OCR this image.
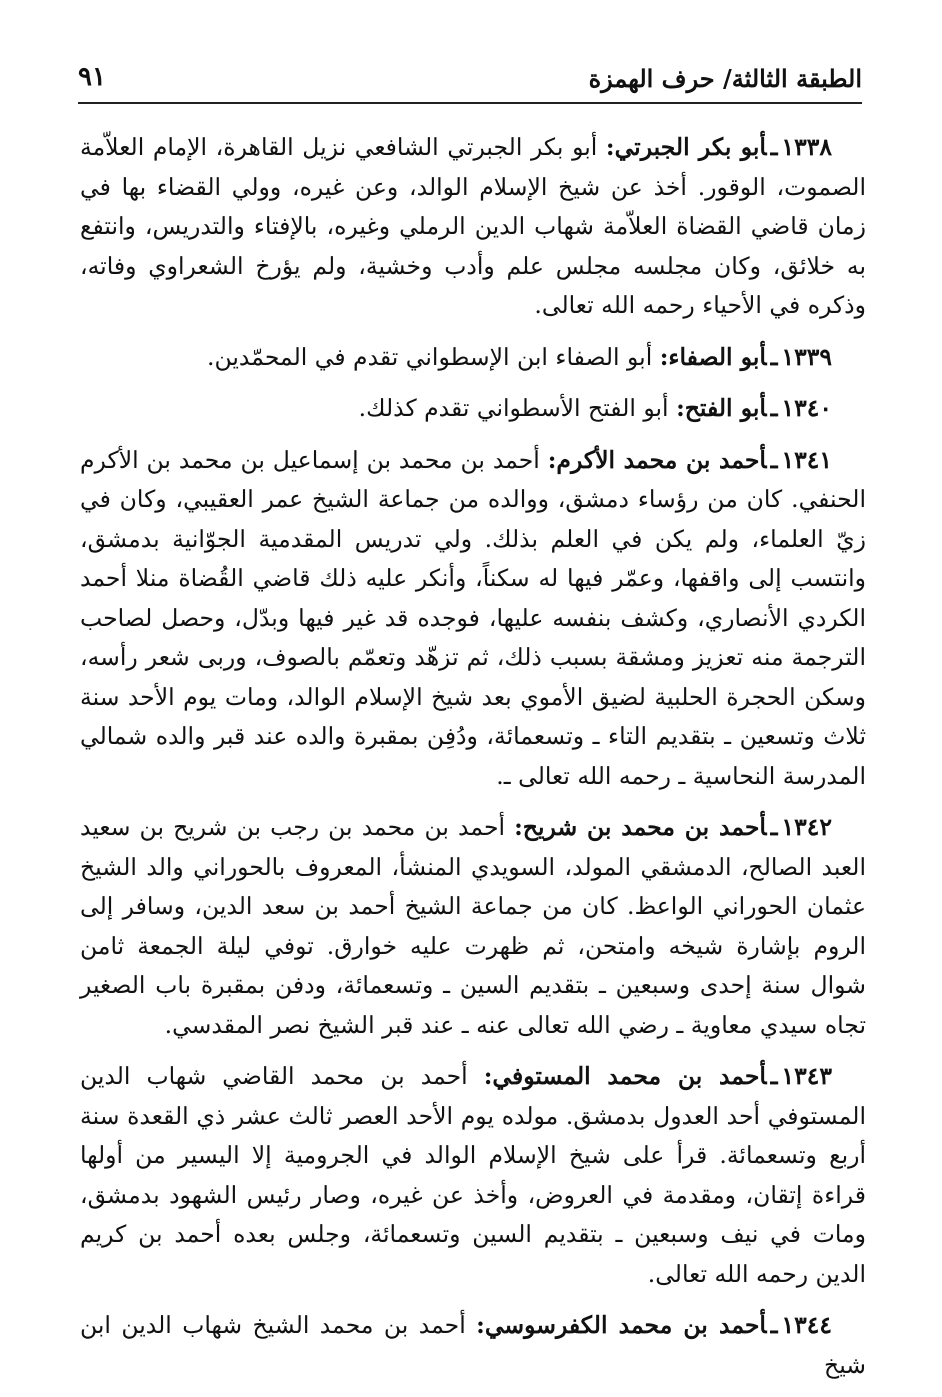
الطبقة الثالثة/ حرف الهمزة
٩١

١٣٣٨ـأبو بكر الجبرتي: أبو بكر الجبرتي الشافعي نزيل القاهرة، الإمام العلاّمة الصموت، الوقور. أخذ عن شيخ الإسلام الوالد، وعن غيره، وولي القضاء بها في زمان قاضي القضاة العلاّمة شهاب الدين الرملي وغيره، بالإفتاء والتدريس، وانتفع به خلائق، وكان مجلسه مجلس علم وأدب وخشية، ولم يؤرخ الشعراوي وفاته، وذكره في الأحياء رحمه الله تعالى.

١٣٣٩ـأبو الصفاء: أبو الصفاء ابن الإسطواني تقدم في المحمّدين.

١٣٤٠ـأبو الفتح: أبو الفتح الأسطواني تقدم كذلك.

١٣٤١ـأحمد بن محمد الأكرم: أحمد بن محمد بن إسماعيل بن محمد بن الأكرم الحنفي. كان من رؤساء دمشق، ووالده من جماعة الشيخ عمر العقيبي، وكان في زيّ العلماء، ولم يكن في العلم بذلك. ولي تدريس المقدمية الجوّانية بدمشق، وانتسب إلى واقفها، وعمّر فيها له سكناً، وأنكر عليه ذلك قاضي القُضاة منلا أحمد الكردي الأنصاري، وكشف بنفسه عليها، فوجده قد غير فيها وبدّل، وحصل لصاحب الترجمة منه تعزيز ومشقة بسبب ذلك، ثم تزهّد وتعمّم بالصوف، وربى شعر رأسه، وسكن الحجرة الحلبية لضيق الأموي بعد شيخ الإسلام الوالد، ومات يوم الأحد سنة ثلاث وتسعين ـ بتقديم التاء ـ وتسعمائة، ودُفِن بمقبرة والده عند قبر والده شمالي المدرسة النحاسية ـ رحمه الله تعالى ـ.

١٣٤٢ـأحمد بن محمد بن شريح: أحمد بن محمد بن رجب بن شريح بن سعيد العبد الصالح، الدمشقي المولد، السويدي المنشأ، المعروف بالحوراني والد الشيخ عثمان الحوراني الواعظ. كان من جماعة الشيخ أحمد بن سعد الدين، وسافر إلى الروم بإشارة شيخه وامتحن، ثم ظهرت عليه خوارق. توفي ليلة الجمعة ثامن شوال سنة إحدى وسبعين ـ بتقديم السين ـ وتسعمائة، ودفن بمقبرة باب الصغير تجاه سيدي معاوية ـ رضي الله تعالى عنه ـ عند قبر الشيخ نصر المقدسي.

١٣٤٣ـأحمد بن محمد المستوفي: أحمد بن محمد القاضي شهاب الدين المستوفي أحد العدول بدمشق. مولده يوم الأحد العصر ثالث عشر ذي القعدة سنة أربع وتسعمائة. قرأ على شيخ الإسلام الوالد في الجرومية إلا اليسير من أولها قراءة إتقان، ومقدمة في العروض، وأخذ عن غيره، وصار رئيس الشهود بدمشق، ومات في نيف وسبعين ـ بتقديم السين وتسعمائة، وجلس بعده أحمد بن كريم الدين رحمه الله تعالى.

١٣٤٤ـأحمد بن محمد الكفرسوسي: أحمد بن محمد الشيخ شهاب الدين ابن شيخ
